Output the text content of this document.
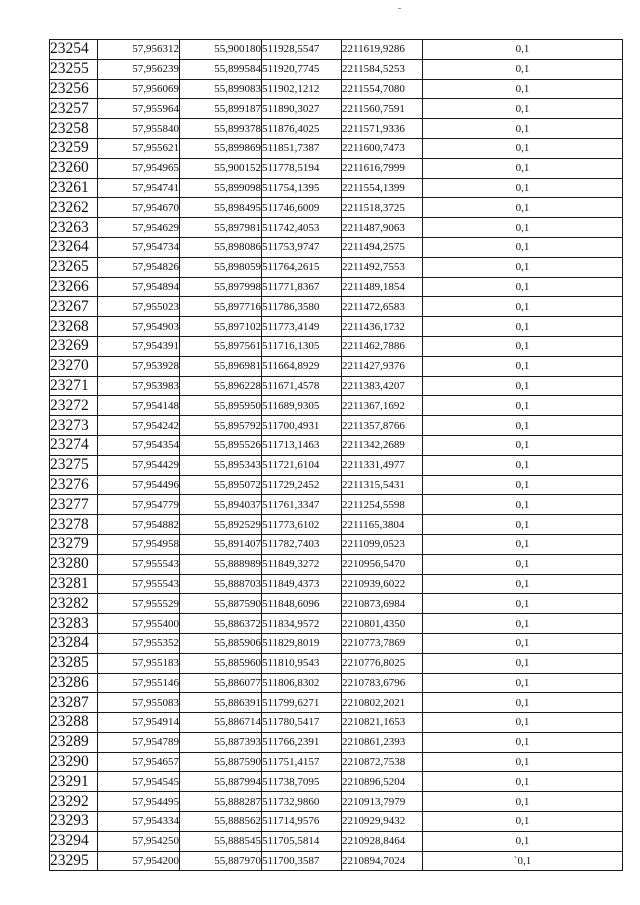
23254	57,956312	55,900180	511928,5547	2211619,9286	0,1
23255	57,956239	55,899584	511920,7745	2211584,5253	0,1
23256	57,956069	55,899083	511902,1212	2211554,7080	0,1
23257	57,955964	55,899187	511890,3027	2211560,7591	0,1
23258	57,955840	55,899378	511876,4025	2211571,9336	0,1
23259	57,955621	55,899869	511851,7387	2211600,7473	0,1
23260	57,954965	55,900152	511778,5194	2211616,7999	0,1
23261	57,954741	55,899098	511754,1395	2211554,1399	0,1
23262	57,954670	55,898495	511746,6009	2211518,3725	0,1
23263	57,954629	55,897981	511742,4053	2211487,9063	0,1
23264	57,954734	55,898086	511753,9747	2211494,2575	0,1
23265	57,954826	55,898059	511764,2615	2211492,7553	0,1
23266	57,954894	55,897998	511771,8367	2211489,1854	0,1
23267	57,955023	55,897716	511786,3580	2211472,6583	0,1
23268	57,954903	55,897102	511773,4149	2211436,1732	0,1
23269	57,954391	55,897561	511716,1305	2211462,7886	0,1
23270	57,953928	55,896981	511664,8929	2211427,9376	0,1
23271	57,953983	55,896228	511671,4578	2211383,4207	0,1
23272	57,954148	55,895950	511689,9305	2211367,1692	0,1
23273	57,954242	55,895792	511700,4931	2211357,8766	0,1
23274	57,954354	55,895526	511713,1463	2211342,2689	0,1
23275	57,954429	55,895343	511721,6104	2211331,4977	0,1
23276	57,954496	55,895072	511729,2452	2211315,5431	0,1
23277	57,954779	55,894037	511761,3347	2211254,5598	0,1
23278	57,954882	55,892529	511773,6102	2211165,3804	0,1
23279	57,954958	55,891407	511782,7403	2211099,0523	0,1
23280	57,955543	55,888989	511849,3272	2210956,5470	0,1
23281	57,955543	55,888703	511849,4373	2210939,6022	0,1
23282	57,955529	55,887590	511848,6096	2210873,6984	0,1
23283	57,955400	55,886372	511834,9572	2210801,4350	0,1
23284	57,955352	55,885906	511829,8019	2210773,7869	0,1
23285	57,955183	55,885960	511810,9543	2210776,8025	0,1
23286	57,955146	55,886077	511806,8302	2210783,6796	0,1
23287	57,955083	55,886391	511799,6271	2210802,2021	0,1
23288	57,954914	55,886714	511780,5417	2210821,1653	0,1
23289	57,954789	55,887393	511766,2391	2210861,2393	0,1
23290	57,954657	55,887590	511751,4157	2210872,7538	0,1
23291	57,954545	55,887994	511738,7095	2210896,5204	0,1
23292	57,954495	55,888287	511732,9860	2210913,7979	0,1
23293	57,954334	55,888562	511714,9576	2210929,9432	0,1
23294	57,954250	55,888545	511705,5814	2210928,8464	0,1
23295	57,954200	55,887970	511700,3587	2210894,7024	`0,1
